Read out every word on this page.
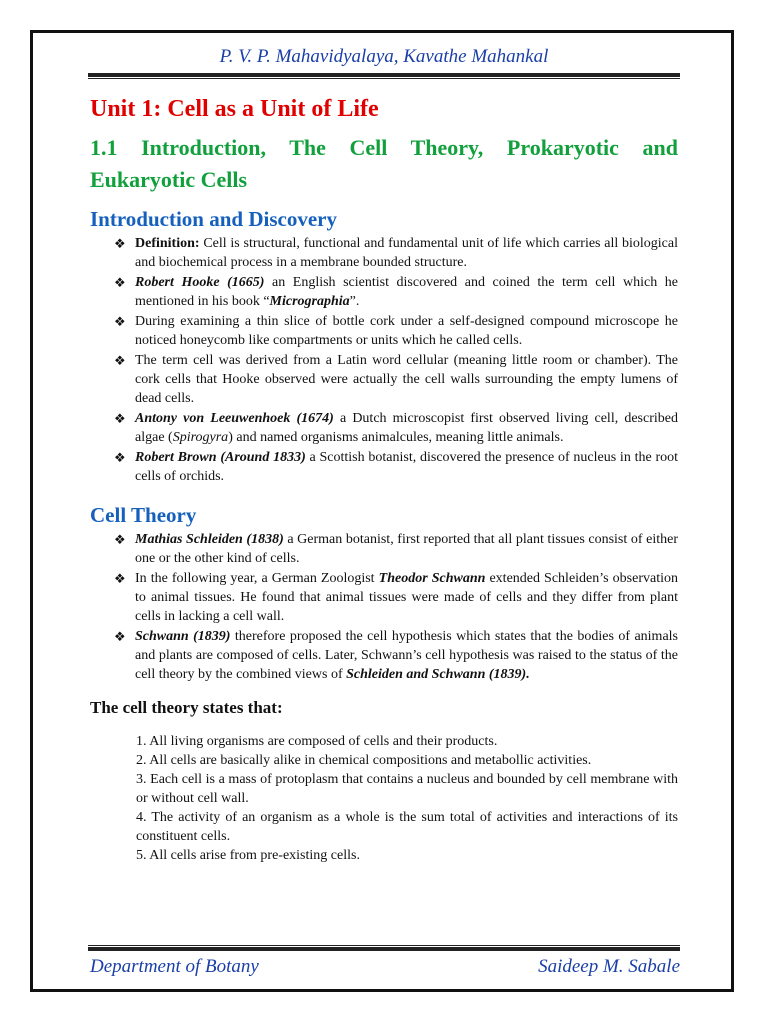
P. V. P. Mahavidyalaya, Kavathe Mahankal
Unit 1: Cell as a Unit of Life
1.1 Introduction, The Cell Theory, Prokaryotic and Eukaryotic Cells
Introduction and Discovery
❖ Definition: Cell is structural, functional and fundamental unit of life which carries all biological and biochemical process in a membrane bounded structure.
❖ Robert Hooke (1665) an English scientist discovered and coined the term cell which he mentioned in his book “Micrographia”.
❖ During examining a thin slice of bottle cork under a self-designed compound microscope he noticed honeycomb like compartments or units which he called cells.
❖ The term cell was derived from a Latin word cellular (meaning little room or chamber). The cork cells that Hooke observed were actually the cell walls surrounding the empty lumens of dead cells.
❖ Antony von Leeuwenhoek (1674) a Dutch microscopist first observed living cell, described algae (Spirogyra) and named organisms animalcules, meaning little animals.
❖ Robert Brown (Around 1833) a Scottish botanist, discovered the presence of nucleus in the root cells of orchids.
Cell Theory
❖ Mathias Schleiden (1838) a German botanist, first reported that all plant tissues consist of either one or the other kind of cells.
❖ In the following year, a German Zoologist Theodor Schwann extended Schleiden’s observation to animal tissues. He found that animal tissues were made of cells and they differ from plant cells in lacking a cell wall.
❖ Schwann (1839) therefore proposed the cell hypothesis which states that the bodies of animals and plants are composed of cells. Later, Schwann’s cell hypothesis was raised to the status of the cell theory by the combined views of Schleiden and Schwann (1839).
The cell theory states that:

1. All living organisms are composed of cells and their products.

2. All cells are basically alike in chemical compositions and metabollic activities.

3. Each cell is a mass of protoplasm that contains a nucleus and bounded by cell membrane with or without cell wall.

4. The activity of an organism as a whole is the sum total of activities and interactions of its constituent cells.

5. All cells arise from pre-existing cells.

Department of Botany	Saideep M. Sabale
